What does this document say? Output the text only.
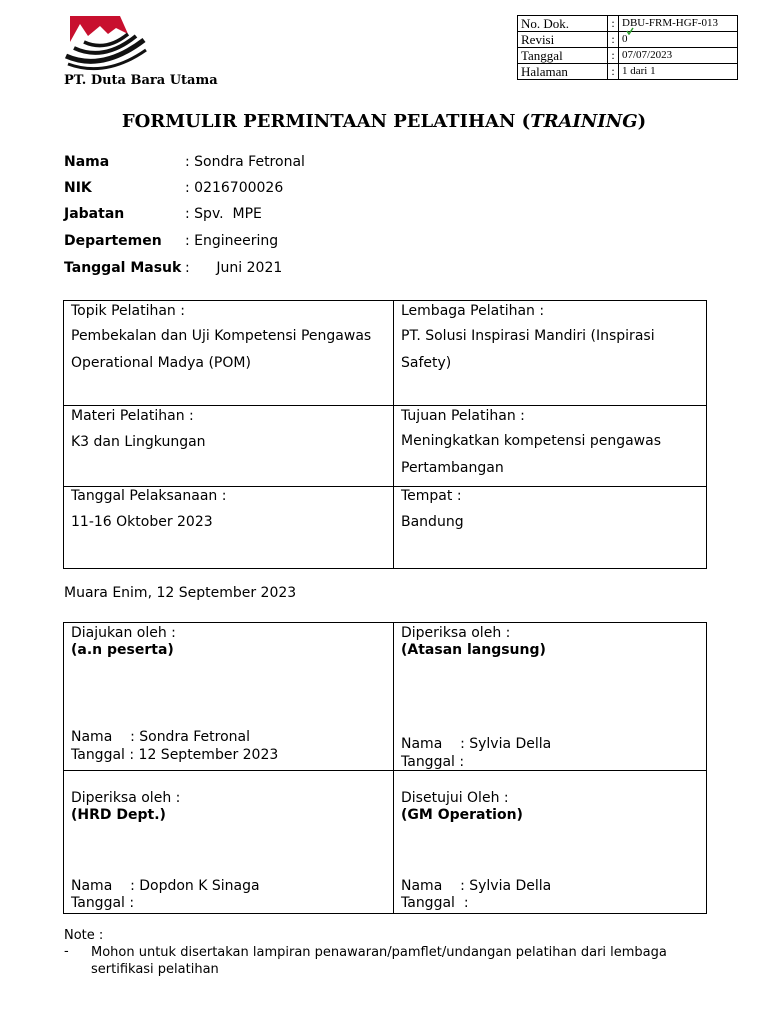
PT. Duta Bara Utama
No. Dok.	:	DBU-FRM-HGF-013
Revisi	:	0
Tanggal	:	07/07/2023
Halaman	:	1 dari 1
FORMULIR PERMINTAAN PELATIHAN (TRAINING)
Nama	: Sondra Fetronal
NIK	: 0216700026
Jabatan	: Spv.  MPE
Departemen : Engineering
Tanggal Masuk :      Juni 2021
Topik Pelatihan :
Pembekalan dan Uji Kompetensi Pengawas Operational Madya (POM)
Lembaga Pelatihan :
PT. Solusi Inspirasi Mandiri (Inspirasi Safety)
Materi Pelatihan :
K3 dan Lingkungan
Tujuan Pelatihan :
Meningkatkan kompetensi pengawas Pertambangan
Tanggal Pelaksanaan :
11-16 Oktober 2023
Tempat :
Bandung
Muara Enim, 12 September 2023
Diajukan oleh :
(a.n peserta)
Nama    : Sondra Fetronal
Tanggal : 12 September 2023
Diperiksa oleh :
(Atasan langsung)
Nama    : Sylvia Della
Tanggal :
Diperiksa oleh :
(HRD Dept.)
Nama    : Dopdon K Sinaga
Tanggal :
Disetujui Oleh :
(GM Operation)
Nama    : Sylvia Della
Tanggal  :
Note :
- Mohon untuk disertakan lampiran penawaran/pamflet/undangan pelatihan dari lembaga sertifikasi pelatihan
